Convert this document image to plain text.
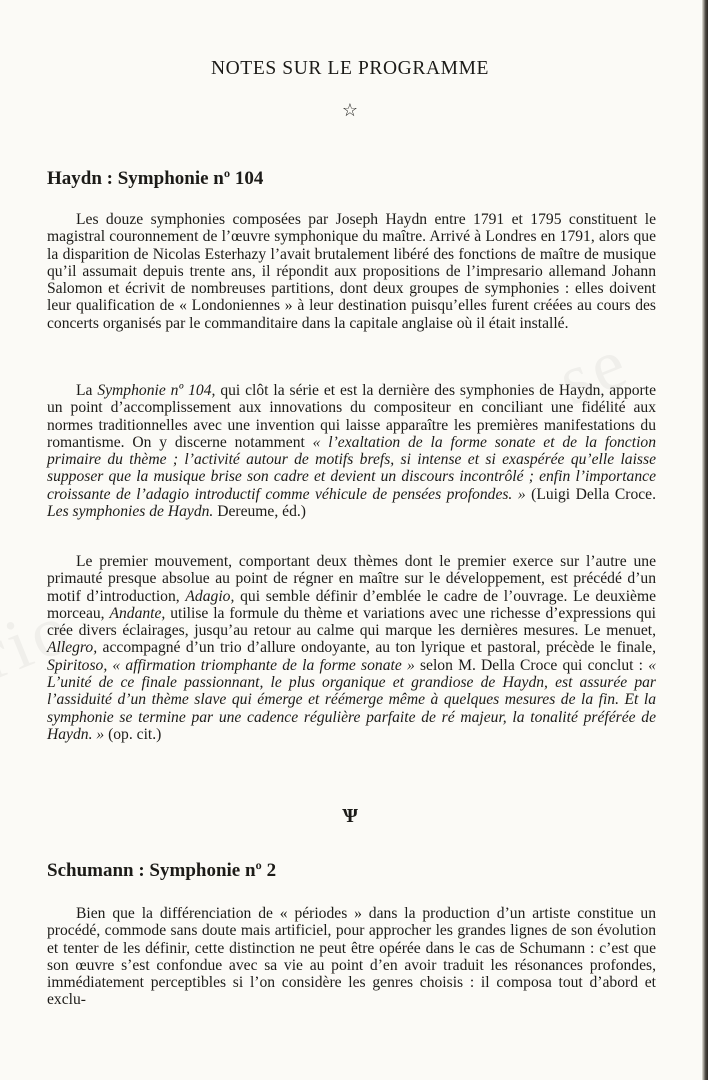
NOTES SUR LE PROGRAMME
☆
Haydn : Symphonie nº 104

Les douze symphonies composées par Joseph Haydn entre 1791 et 1795 constituent le magistral couronnement de l’œuvre symphonique du maître. Arrivé à Londres en 1791, alors que la disparition de Nicolas Esterhazy l’avait brutalement libéré des fonctions de maître de musique qu’il assumait depuis trente ans, il répondit aux propositions de l’impresario allemand Johann Salomon et écrivit de nombreuses partitions, dont deux groupes de symphonies : elles doivent leur qualification de « Londoniennes » à leur destination puisqu’elles furent créées au cours des concerts organisés par le commanditaire dans la capitale anglaise où il était installé.

La Symphonie nº 104, qui clôt la série et est la dernière des symphonies de Haydn, apporte un point d’accomplissement aux innovations du compositeur en conciliant une fidélité aux normes traditionnelles avec une invention qui laisse apparaître les premières manifestations du romantisme. On y discerne notamment « l’exaltation de la forme sonate et de la fonction primaire du thème ; l’activité autour de motifs brefs, si intense et si exaspérée qu’elle laisse supposer que la musique brise son cadre et devient un discours incontrôlé ; enfin l’importance croissante de l’adagio introductif comme véhicule de pensées profondes. » (Luigi Della Croce. Les symphonies de Haydn. Dereume, éd.)

Le premier mouvement, comportant deux thèmes dont le premier exerce sur l’autre une primauté presque absolue au point de régner en maître sur le développement, est précédé d’un motif d’introduction, Adagio, qui semble définir d’emblée le cadre de l’ouvrage. Le deuxième morceau, Andante, utilise la formule du thème et variations avec une richesse d’expressions qui crée divers éclairages, jusqu’au retour au calme qui marque les dernières mesures. Le menuet, Allegro, accompagné d’un trio d’allure ondoyante, au ton lyrique et pastoral, précède le finale, Spiritoso, « affirmation triomphante de la forme sonate » selon M. Della Croce qui conclut : « L’unité de ce finale passionnant, le plus organique et grandiose de Haydn, est assurée par l’assiduité d’un thème slave qui émerge et réémerge même à quelques mesures de la fin. Et la symphonie se termine par une cadence régulière parfaite de ré majeur, la tonalité préférée de Haydn. » (op. cit.)

Ѱ
Schumann : Symphonie nº 2

Bien que la différenciation de « périodes » dans la production d’un artiste constitue un procédé, commode sans doute mais artificiel, pour approcher les grandes lignes de son évolution et tenter de les définir, cette distinction ne peut être opérée dans le cas de Schumann : c’est que son œuvre s’est confondue avec sa vie au point d’en avoir traduit les résonances profondes, immédiatement perceptibles si l’on considère les genres choisis : il composa tout d’abord et exclu-
